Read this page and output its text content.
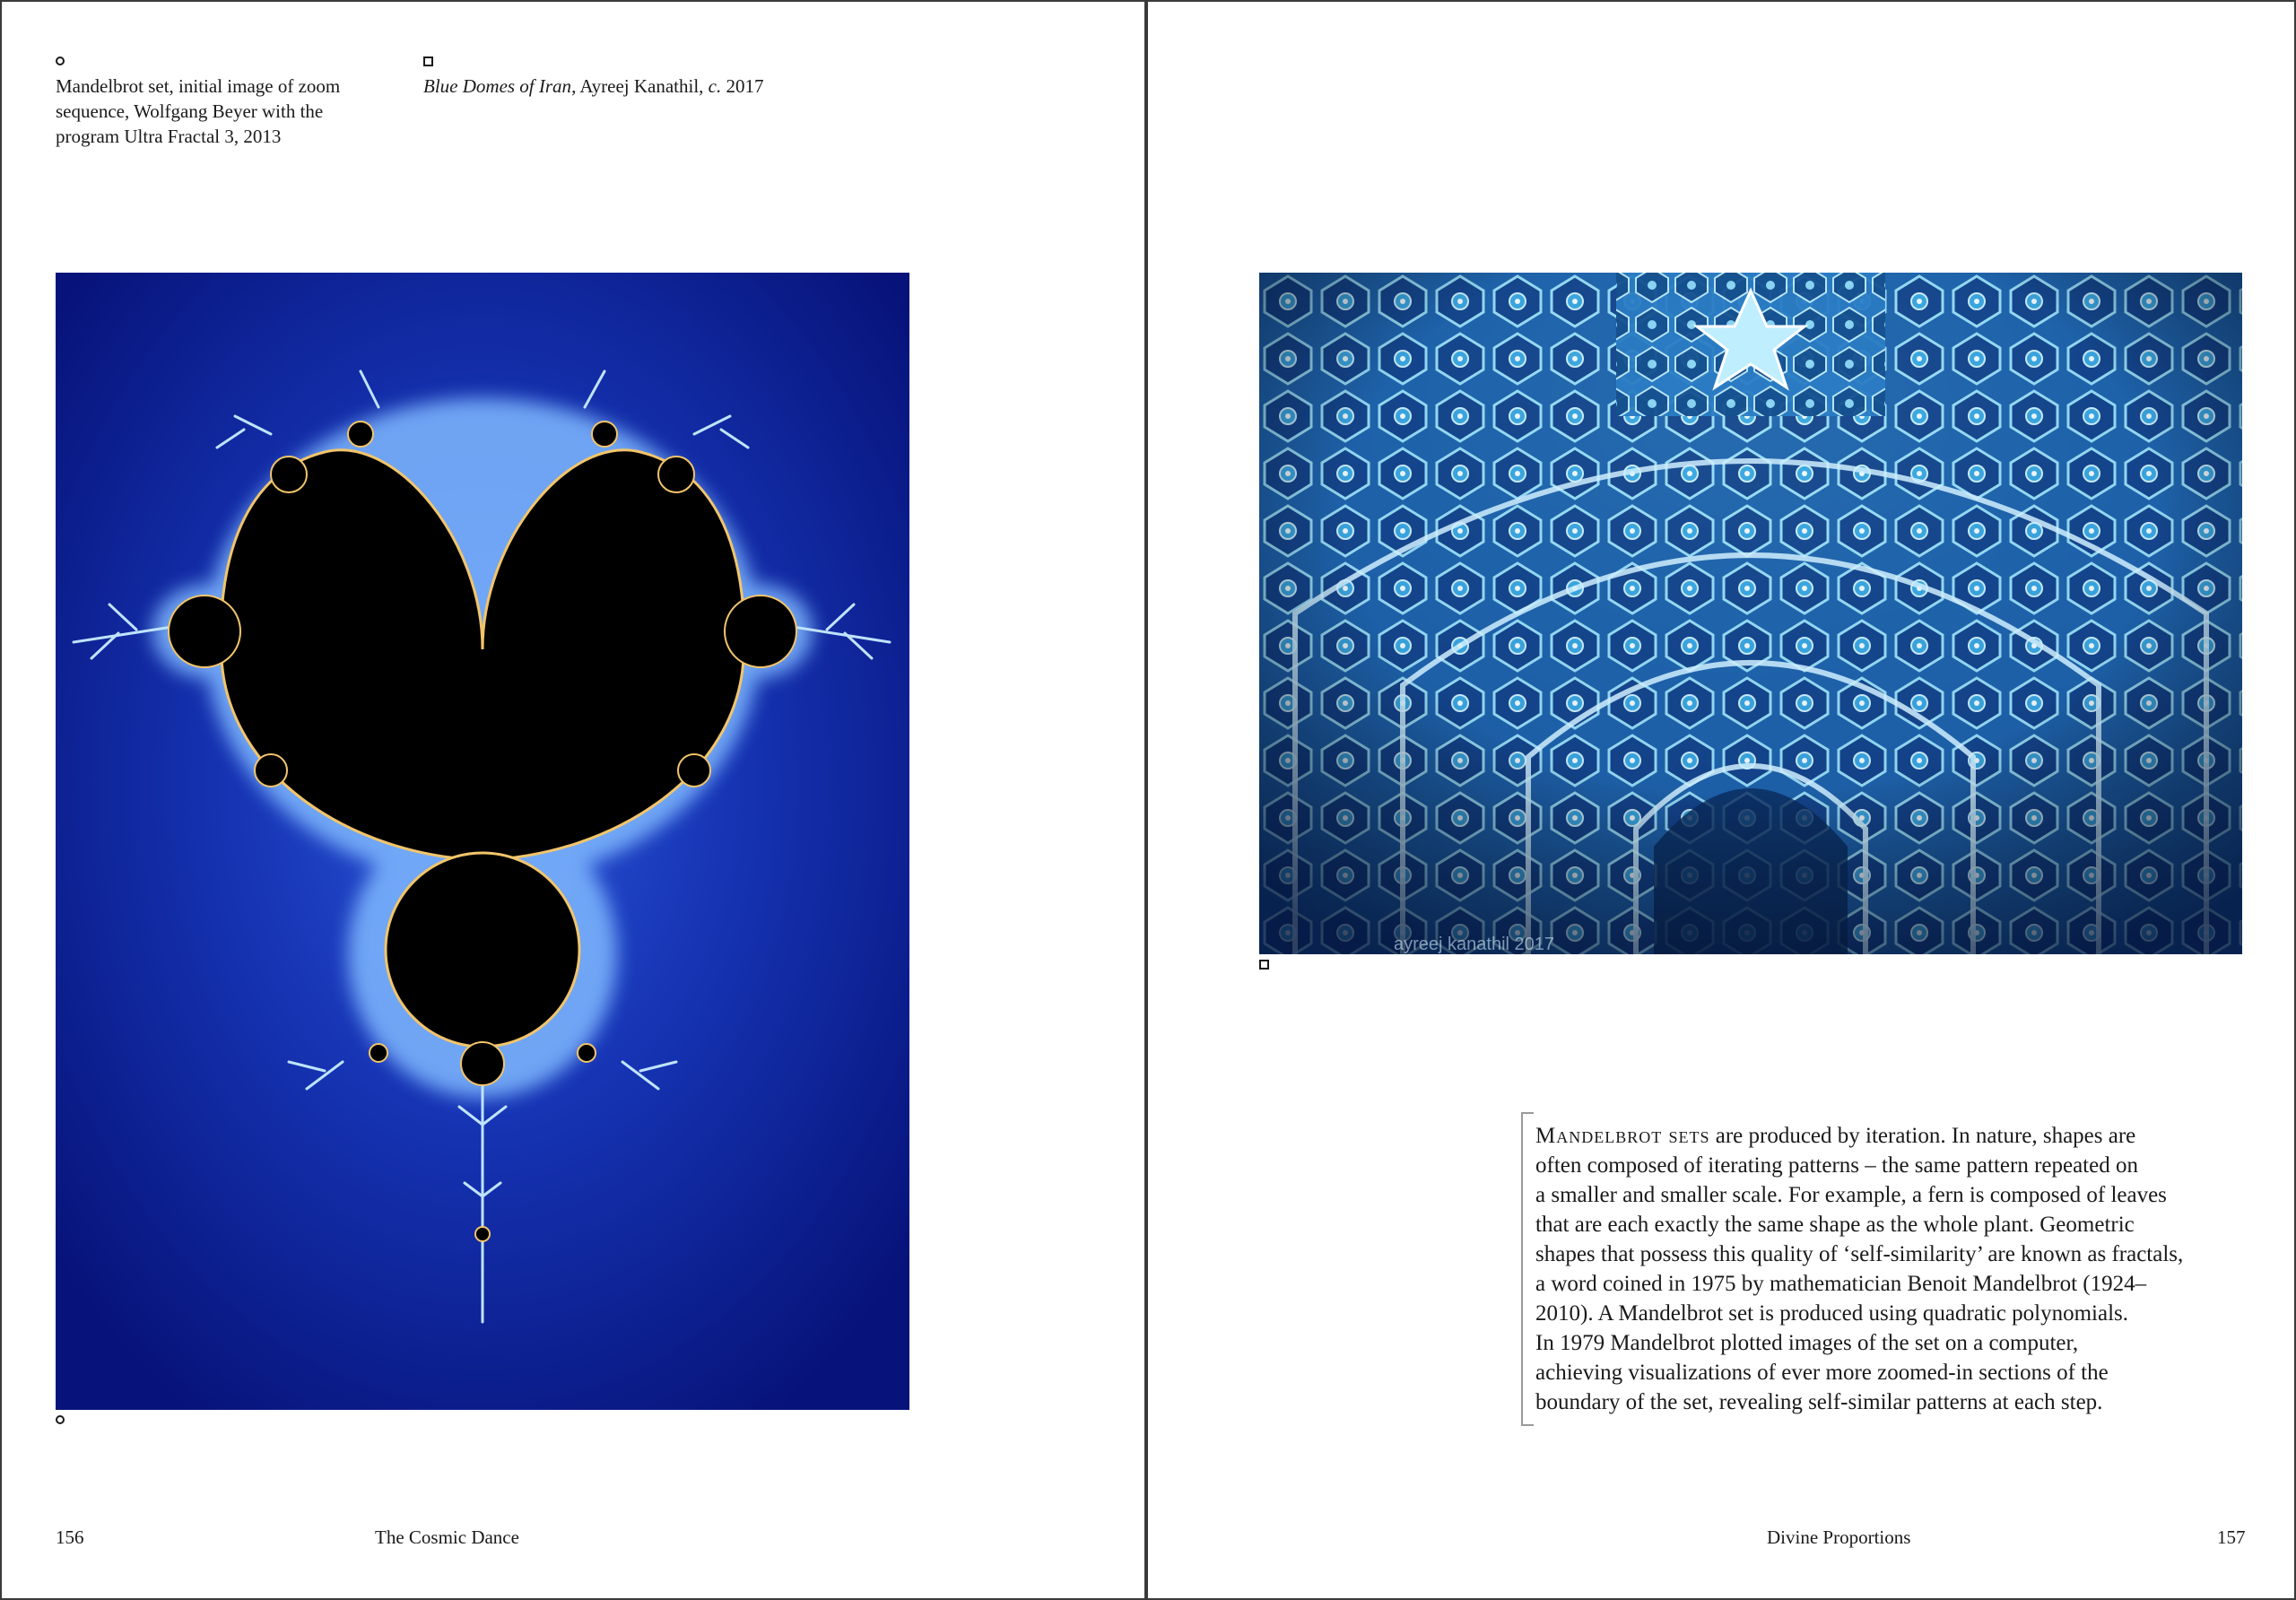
Mandelbrot set, initial image of zoom
sequence, Wolfgang Beyer with the
program Ultra Fractal 3, 2013
156	The Cosmic Dance
Blue Domes of Iran, Ayreej Kanathil, c. 2017
ayreej kanathil 2017
Divine Proportions	157
Mandelbrot sets are produced by iteration. In nature, shapes are
often composed of iterating patterns – the same pattern repeated on
a smaller and smaller scale. For example, a fern is composed of leaves
that are each exactly the same shape as the whole plant. Geometric
shapes that possess this quality of ‘self-similarity’ are known as fractals,
a word coined in 1975 by mathematician Benoit Mandelbrot (1924–
2010). A Mandelbrot set is produced using quadratic polynomials.
In 1979 Mandelbrot plotted images of the set on a computer,
achieving visualizations of ever more zoomed-in sections of the
boundary of the set, revealing self-similar patterns at each step.
